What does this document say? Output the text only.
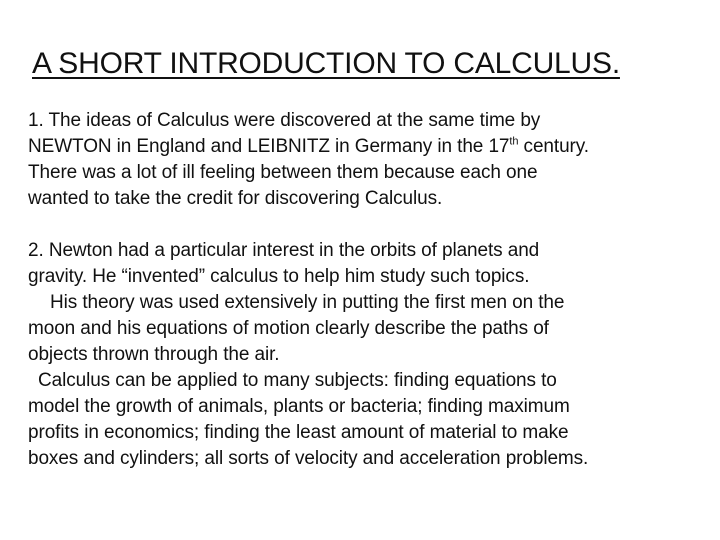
A SHORT INTRODUCTION TO CALCULUS.

1. The ideas of Calculus were discovered at the same time by
NEWTON in England and LEIBNITZ in Germany in the 17th century.
There was a lot of ill feeling between them because each one
wanted to take the credit for discovering Calculus.

2. Newton had a particular interest in the orbits of planets and
gravity. He “invented” calculus to help him study such topics.
His theory was used extensively in putting the first men on the
moon and his equations of motion clearly describe the paths of
objects thrown through the air.
Calculus can be applied to many subjects: finding equations to
model the growth of animals, plants or bacteria; finding maximum
profits in economics; finding the least amount of material to make
boxes and cylinders; all sorts of velocity and acceleration problems.
